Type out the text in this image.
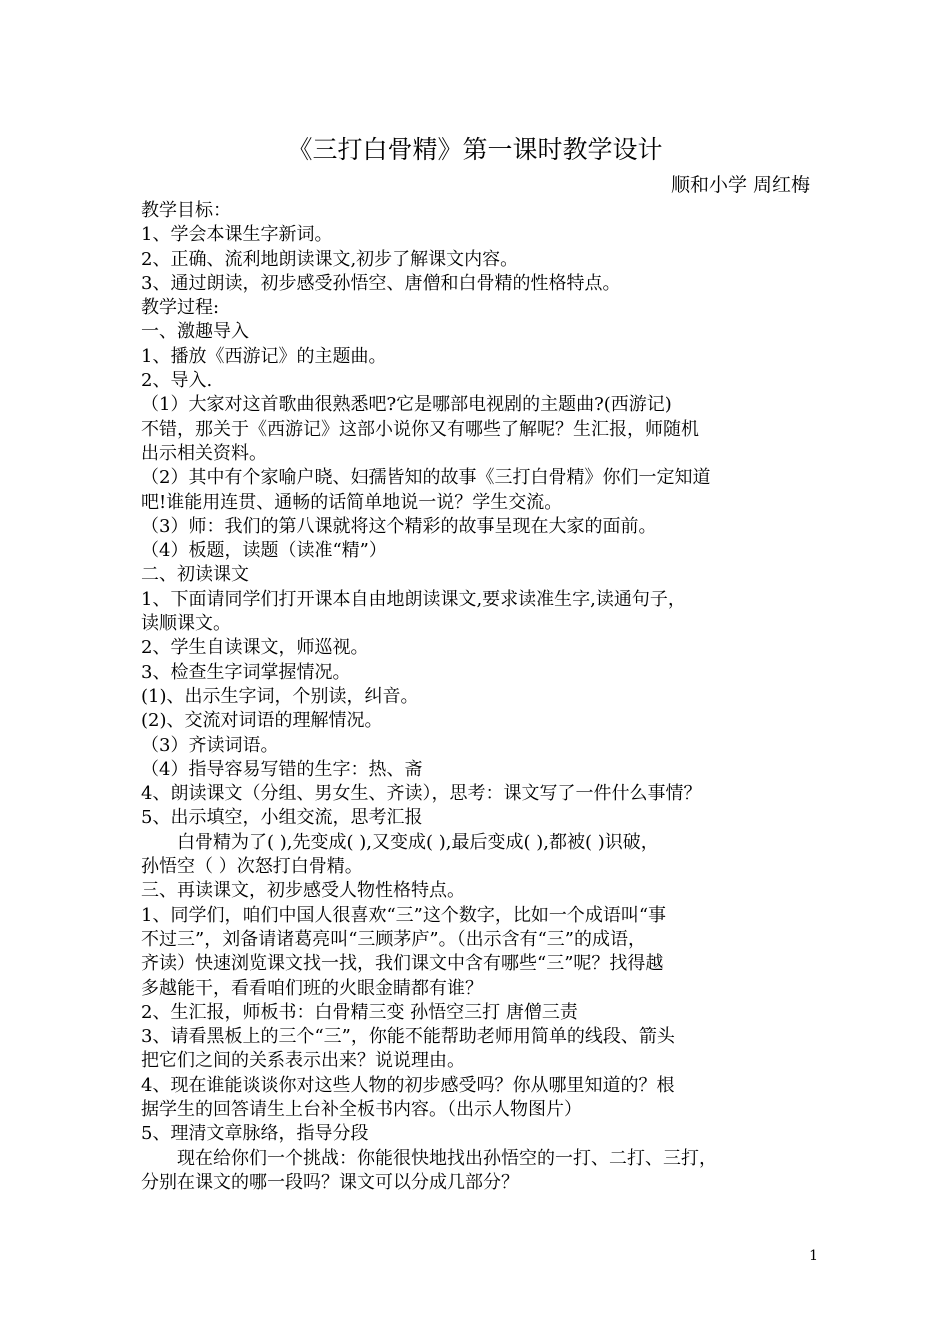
《三打白骨精》第一课时教学设计
顺和小学 周红梅
教学目标：
1、学会本课生字新词。
2、正确、流利地朗读课文,初步了解课文内容。
3、通过朗读，初步感受孙悟空、唐僧和白骨精的性格特点。
教学过程:
一、激趣导入
1、播放《西游记》的主题曲。
2、导入.
（1）大家对这首歌曲很熟悉吧?它是哪部电视剧的主题曲?(西游记)
不错，那关于《西游记》这部小说你又有哪些了解呢？生汇报，师随机
出示相关资料。
（2）其中有个家喻户晓、妇孺皆知的故事《三打白骨精》你们一定知道
吧!谁能用连贯、通畅的话简单地说一说？学生交流。
（3）师：我们的第八课就将这个精彩的故事呈现在大家的面前。
（4）板题，读题（读准“精”）
二、初读课文
1、下面请同学们打开课本自由地朗读课文,要求读准生字,读通句子，
读顺课文。
2、学生自读课文，师巡视。
3、检查生字词掌握情况。
(1)、出示生字词，个别读，纠音。
(2)、交流对词语的理解情况。
（3）齐读词语。
（4）指导容易写错的生字：热、斋
4、朗读课文（分组、男女生、齐读），思考：课文写了一件什么事情？
5、出示填空，小组交流，思考汇报
　　白骨精为了( ),先变成( ),又变成( ),最后变成( ),都被( )识破，
孙悟空（ ）次怒打白骨精。
三、再读课文，初步感受人物性格特点。
1、同学们，咱们中国人很喜欢“三”这个数字，比如一个成语叫“事
不过三”，刘备请诸葛亮叫“三顾茅庐”。（出示含有“三”的成语，
齐读）快速浏览课文找一找，我们课文中含有哪些“三”呢？找得越
多越能干，看看咱们班的火眼金睛都有谁？
2、生汇报，师板书：白骨精三变 孙悟空三打 唐僧三责
3、请看黑板上的三个“三”，你能不能帮助老师用简单的线段、箭头
把它们之间的关系表示出来？说说理由。
4、现在谁能谈谈你对这些人物的初步感受吗？你从哪里知道的？根
据学生的回答请生上台补全板书内容。（出示人物图片）
5、理清文章脉络，指导分段
　　现在给你们一个挑战：你能很快地找出孙悟空的一打、二打、三打，
分别在课文的哪一段吗？课文可以分成几部分？
1
